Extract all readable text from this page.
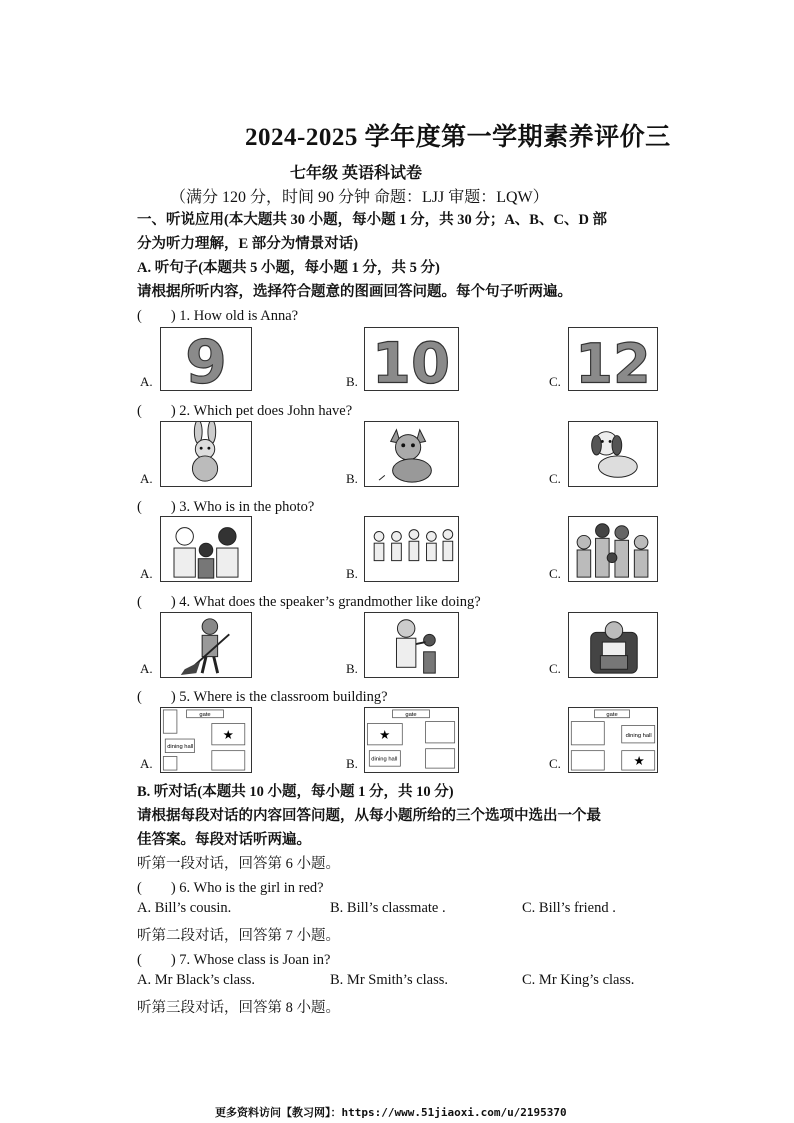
2024-2025 学年度第一学期素养评价三
七年级 英语科试卷
（满分 120 分，时间 90 分钟 命题：LJJ 审题：LQW）
一、听说应用(本大题共 30 小题，每小题 1 分，共 30 分；A、B、C、D 部
分为听力理解，E 部分为情景对话)
A. 听句子(本题共 5 小题，每小题 1 分，共 5 分)
请根据所听内容，选择符合题意的图画回答问题。每个句子听两遍。
(　　) 1. How old is Anna?
A. 9	B. 10	C. 12
(　　) 2. Which pet does John have?
A.	B.	C.
(　　) 3. Who is in the photo?
A.	B.	C.
(　　) 4. What does the speaker’s grandmother like doing?
A.	B.	C.
(　　) 5. Where is the classroom building?
A.
gate
dining hall
★
B.
gate
★
dining hall	C.
gate
dining hall
★
B. 听对话(本题共 10 小题，每小题 1 分，共 10 分)
请根据每段对话的内容回答问题，从每小题所给的三个选项中选出一个最
佳答案。每段对话听两遍。
听第一段对话，回答第 6 小题。
(　　) 6. Who is the girl in red?
A. Bill’s cousin.	B. Bill’s classmate .	C. Bill’s friend .
听第二段对话，回答第 7 小题。
(　　) 7. Whose class is Joan in?
A. Mr Black’s class.	B. Mr Smith’s class.	C. Mr King’s class.
听第三段对话，回答第 8 小题。
更多资料访问【教习网】：https://www.51jiaoxi.com/u/2195370
